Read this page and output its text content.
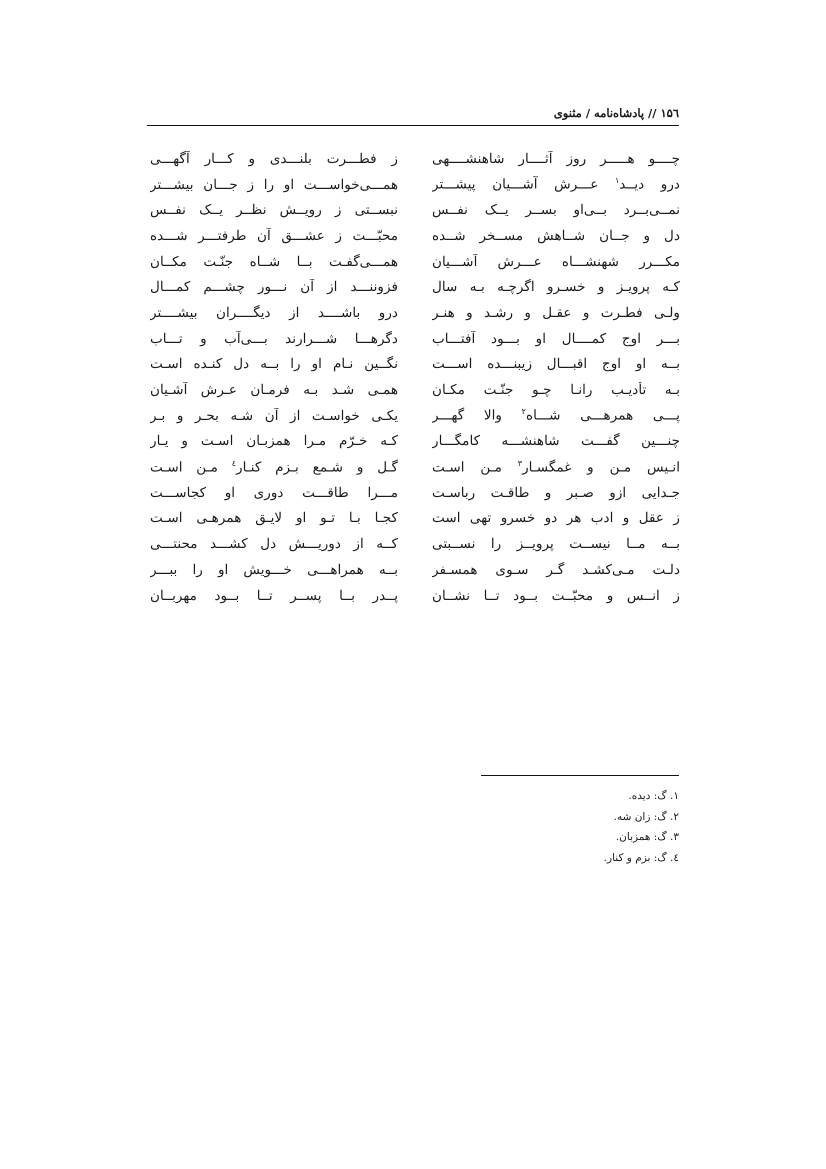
۱۵٦ // پادشاه‌نامه / مثنوی
چــــو هـــــر روز آثــــار شاهنشــــهی
ز فطـــرت بلنـــدی و کـــار آگهـــی
درو دیــد$^۱$ عـــرش آشـــیان پیشـــتر
همـــی‌خواســـت او را ز جـــان بیشـــتر
نمــی‌بــرد بــی‌او بســر یــک نفــس
نبســتی ز رویــش نظــر یــک نفــس
دل و جــان شــاهش مســخر شــده
محبّـــت ز عشـــق آن طرفتـــر شـــده
مکـــرر شهنشـــاه عـــرش آشـــیان
همـــی‌گفـت بــا شــاه جنّـت مکــان
کـه پرویـز و خسـرو اگرچـه بـه سال
فزوننـــد از آن نـــور چشـــم کمـــال
ولـی فطـرت و عقـل و رشـد و هنـر
درو باشــــد از دیگــــران بیشــــتر
بـــر اوج کمــــال او بـــود آفتـــاب
دگرهـــا شـــرارند بـــی‌آب و تـــاب
بــه او اوج اقبـــال زیبنـــده اســـت
نگــین نـام او را بــه دل کنـده اسـت
بـه تأدیـب رانـا چـو جنّـت مکـان
همـی شـد بـه فرمـان عـرش آشـیان
پـــی همرهـــی شـــاه$^۲$ والا گهـــر
یکـی خواسـت از آن شـه بحـر و بـر
چنـــین گفـــت شاهنشـــه کامگـــار
کـه خـرّم مـرا همزبـان اسـت و یـار
انـیس مـن و غمگسـار$^۳$ مـن اسـت
گـل و شـمع بـزم کنـار$^٤$ مـن اسـت
جـدایی ازو صـبر و طاقـت رباسـت
مـــرا طاقـــت دوری او کجاســـت
ز عقل و ادب هر دو خسرو تهی است
کجـا بـا تـو او لایـق همرهـی اسـت
بــه مــا نیســت پرویــز را نســبتی
کــه از دوریـــش دل کشـــد محنتـــی
دلـت مـی‌کشـد گـر سـوی همسـفر
بــه همراهـــی خـــویش او را ببـــر
ز انــس و محبّــت بــود تــا نشــان
پــدر بــا پســر تــا بــود مهربــان
۱. گ: دیده.
۲. گ: زان شه.
۳. گ: همزبان.
٤. گ: بزم و کنار.
